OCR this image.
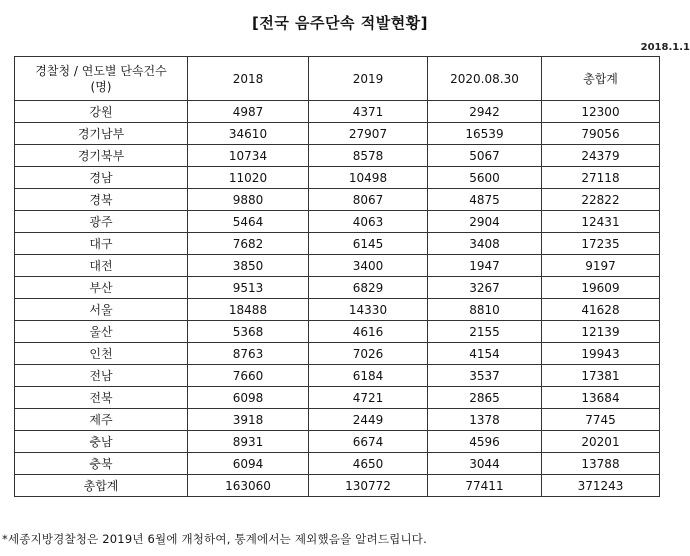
[전국 음주단속 적발현황]
2018.1.1
경찰청 / 연도별 단속건수
(명)	2018	2019	2020.08.30	총합계
강원	4987	4371	2942	12300
경기남부	34610	27907	16539	79056
경기북부	10734	8578	5067	24379
경남	11020	10498	5600	27118
경북	9880	8067	4875	22822
광주	5464	4063	2904	12431
대구	7682	6145	3408	17235
대전	3850	3400	1947	9197
부산	9513	6829	3267	19609
서울	18488	14330	8810	41628
울산	5368	4616	2155	12139
인천	8763	7026	4154	19943
전남	7660	6184	3537	17381
전북	6098	4721	2865	13684
제주	3918	2449	1378	7745
충남	8931	6674	4596	20201
충북	6094	4650	3044	13788
총합계	163060	130772	77411	371243
*세종지방경찰청은 2019년 6월에 개청하여, 통계에서는 제외했음을 알려드립니다.
